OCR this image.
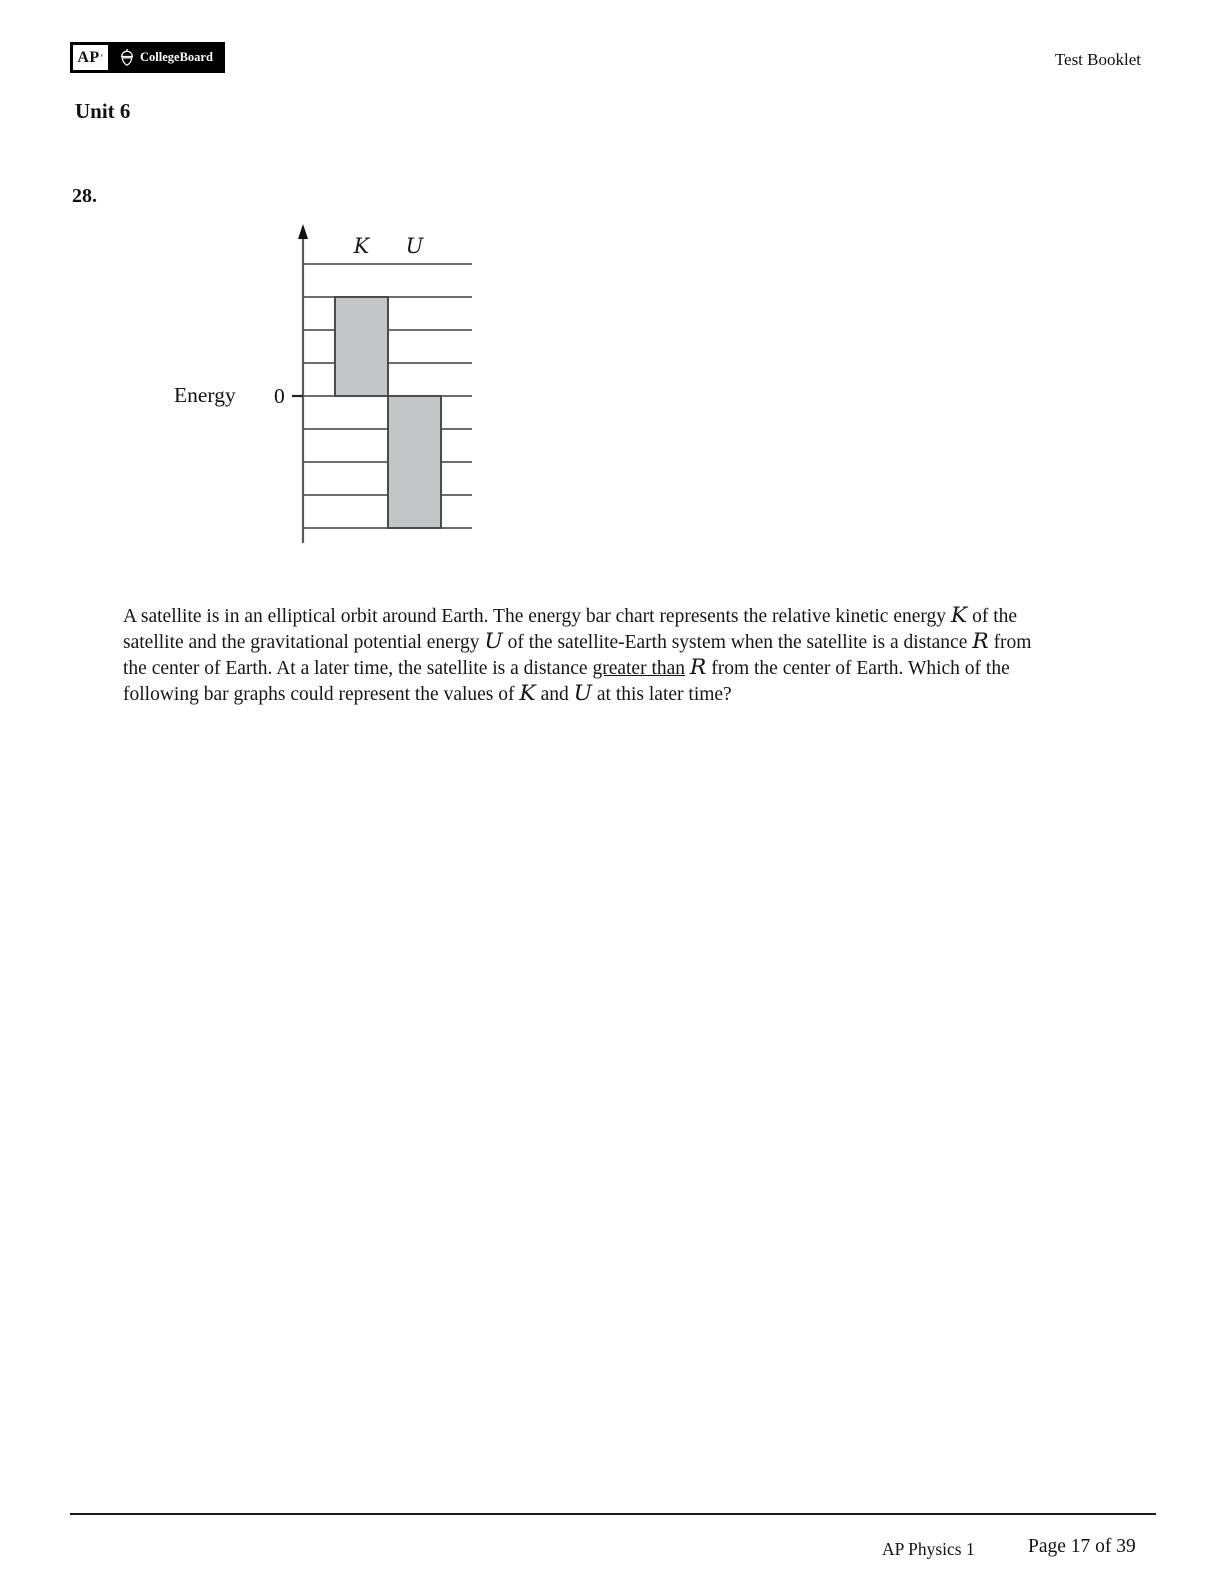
AP ′	CollegeBoard	Test Booklet
Unit 6
28.
Energy 0
K U
A satellite is in an elliptical orbit around Earth. The energy bar chart represents the relative kinetic energy K of the
satellite and the gravitational potential energy U of the satellite-Earth system when the satellite is a distance R from
the center of Earth. At a later time, the satellite is a distance greater than R from the center of Earth. Which of the
following bar graphs could represent the values of K and U at this later time?
AP Physics 1	Page 17 of 39
